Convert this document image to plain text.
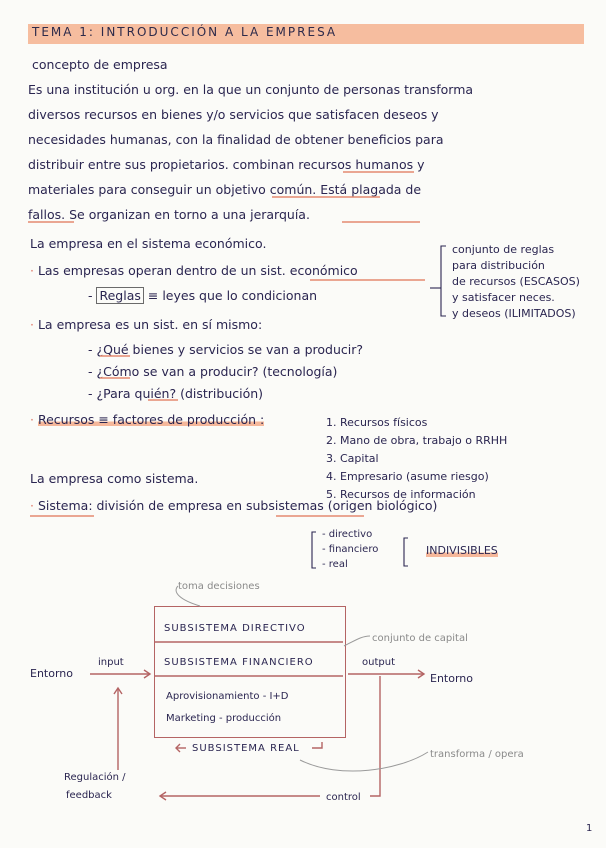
TEMA 1: INTRODUCCIÓN A LA EMPRESA
concepto de empresa
Es una institución u org. en la que un conjunto de personas transforma
diversos recursos en bienes y/o servicios que satisfacen deseos y
necesidades humanas, con la finalidad de obtener beneficios para
distribuir entre sus propietarios. combinan recursos humanos y
materiales para conseguir un objetivo común. Está plagada de
fallos. Se organizan en torno a una jerarquía.
La empresa en el sistema económico.
· Las empresas operan dentro de un sist. económico
- Reglas ≡ leyes que lo condicionan
conjunto de reglas
para distribución
de recursos (ESCASOS)
y satisfacer neces.
y deseos (ILIMITADOS)
· La empresa es un sist. en sí mismo:
- ¿Qué bienes y servicios se van a producir?
- ¿Cómo se van a producir? (tecnología)
- ¿Para quién? (distribución)
· Recursos ≡ factores de producción :	1. Recursos físicos
2. Mano de obra, trabajo o RRHH
3. Capital
4. Empresario (asume riesgo)
5. Recursos de información
La empresa como sistema.
· Sistema: división de empresa en subsistemas (origen biológico)
- directivo
- financiero
- real
INDIVISIBLES
toma decisiones
SUBSISTEMA DIRECTIVO
SUBSISTEMA FINANCIERO
Aprovisionamiento - I+D
Marketing - producción
SUBSISTEMA REAL
conjunto de capital
transforma / opera
Entorno	Entorno
input	output
control
Regulación /
feedback
1
